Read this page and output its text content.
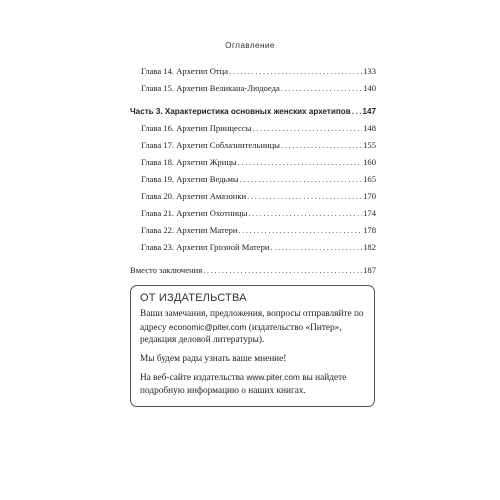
Оглавление
Глава 14. Архетип Отца .....	133
Глава 15. Архетип Великана-Людоеда .....	140
Часть 3. Характеристика основных женских архетипов ..... 147
Глава 16. Архетип Принцессы .....	148
Глава 17. Архетип Соблазнительницы .....	155
Глава 18. Архетип Жрицы .....	160
Глава 19. Архетип Ведьмы .....	165
Глава 20. Архетип Амазонки .....	170
Глава 21. Архетип Охотницы .....	174
Глава 22. Архетип Матери .....	178
Глава 23. Архетип Грозной Матери .....	182
Вместо заключения .....	187
ОТ ИЗДАТЕЛЬСТВА

Ваши замечания, предложения, вопросы отправляйте по адресу economic@piter.com (издательство «Питер», редакция деловой литературы).

Мы будем рады узнать ваше мнение!

На веб-сайте издательства www.piter.com вы найдете подробную информацию о наших книгах.
